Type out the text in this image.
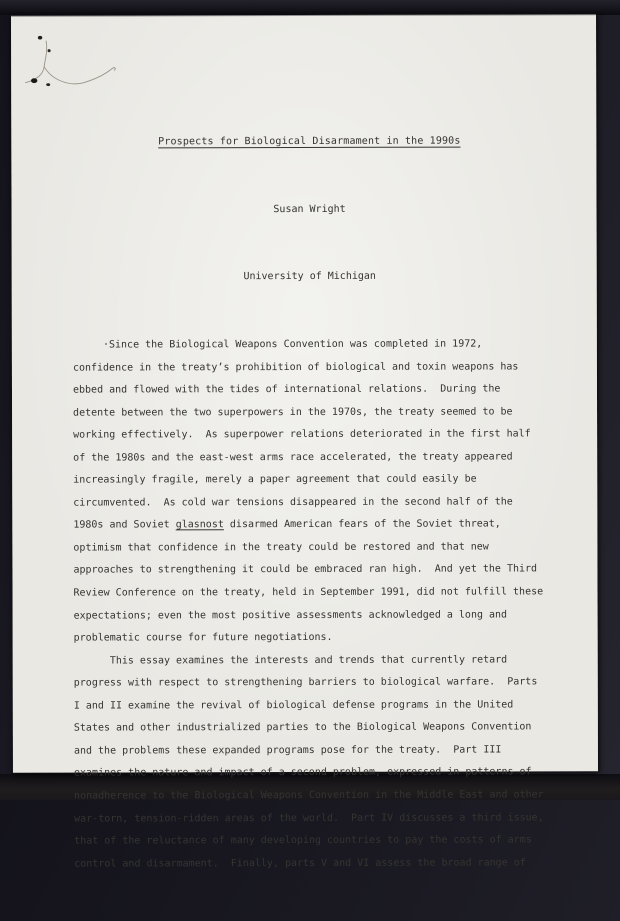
Prospects for Biological Disarmament in the 1990s

Susan Wright

University of Michigan

·Since the Biological Weapons Convention was completed in 1972,
confidence in the treaty’s prohibition of biological and toxin weapons has
ebbed and flowed with the tides of international relations.  During the
detente between the two superpowers in the 1970s, the treaty seemed to be
working effectively.  As superpower relations deteriorated in the first half
of the 1980s and the east-west arms race accelerated, the treaty appeared
increasingly fragile, merely a paper agreement that could easily be
circumvented.  As cold war tensions disappeared in the second half of the
1980s and Soviet glasnost disarmed American fears of the Soviet threat,
optimism that confidence in the treaty could be restored and that new
approaches to strengthening it could be embraced ran high.  And yet the Third
Review Conference on the treaty, held in September 1991, did not fulfill these
expectations; even the most positive assessments acknowledged a long and
problematic course for future negotiations.
This essay examines the interests and trends that currently retard
progress with respect to strengthening barriers to biological warfare.  Parts
I and II examine the revival of biological defense programs in the United
States and other industrialized parties to the Biological Weapons Convention
and the problems these expanded programs pose for the treaty.  Part III
examines the nature and impact of a second problem, expressed in patterns of
nonadherence to the Biological Weapons Convention in the Middle East and other
war-torn, tension-ridden areas of the world.  Part IV discusses a third issue,
that of the reluctance of many developing countries to pay the costs of arms
control and disarmament.  Finally, parts V and VI assess the broad range of
